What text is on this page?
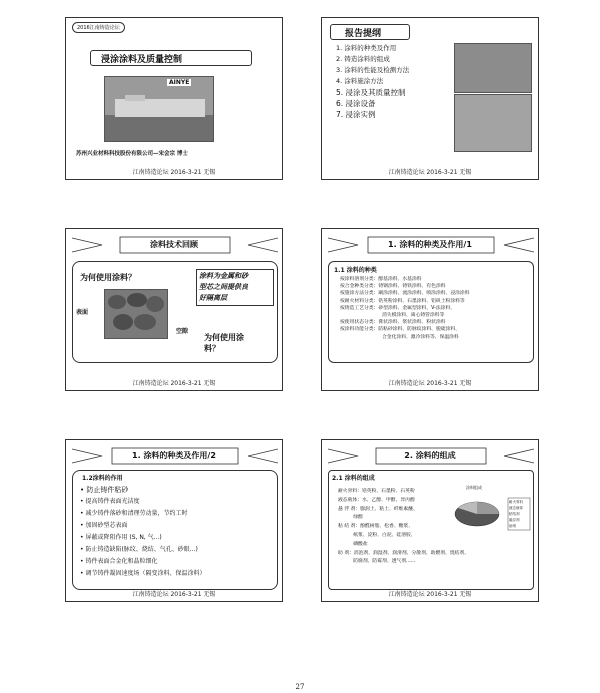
2016江南铸造论坛
浸涂涂料及质量控制
AINYE
苏州兴业材料科技股份有限公司—宋会宗 博士
江南铸造论坛 2016-3-21 无锡
报告提纲
1. 涂料的种类及作用
2. 铸造涂料的组成
3. 涂料的性能及检测方法
4. 涂料施涂方法
5. 浸涂及其质量控制
6. 浸涂设备
7. 浸涂实例
江南铸造论坛 2016-3-21 无锡
涂料技术回顾
为何使用涂料？	涂料为金属和砂
型芯之间提供良
好隔离层
表面
空隙
为何使用涂
料？
江南铸造论坛 2016-3-21 无锡
1. 涂料的种类及作用/1
1.1 涂料的种类
按涂料溶剂分类：醇基涂料、水基涂料
按合金种类分类：铸钢涂料、铸铁涂料、有色涂料
按施涂方法分类：刷涂涂料、流涂涂料、喷涂涂料、浸涂涂料
按耐火材料分类：锆英粉涂料、石墨涂料、铝矾土粉涂料等
按铸造工艺分类：砂型涂料、金属型涂料、V-法涂料、
消失模涂料、离心铸管涂料等
按使用状态分类：膏状涂料、浆状涂料、粉状涂料
按涂料功能分类：防粘砂涂料、防脉纹涂料、脱硫涂料、
合金化涂料、激冷涂料等、保温涂料
江南铸造论坛 2016-3-21 无锡
1. 涂料的种类及作用/2
1.2涂料的作用
• 防止铸件粘砂
• 提高铸件表面光洁度
• 减少铸件落砂和清理劳动量，节约工时
• 加固砂型芯表面
• 屏蔽或降阻作用 (S, N, 气...)
• 防止铸造缺陷(脉纹、烧结、气孔、砂眼...)
• 铸件表面合金化和晶粒细化
• 调节铸件凝固速度场（隔变涂料、保温涂料）
江南铸造论坛 2016-3-21 无锡
2. 涂料的组成
2.1 涂料的组成
耐火骨料：锆英粉、石墨粉、石英粉
液态载体：水、乙醇、甲醇、异丙醇
悬 浮 剂：膨润土、粘土、纤维素醚、
绿醇
粘 结 剂：酚醛树脂、松香、糖浆、
纸浆、淀粉、白泥、硅溶胶、
磷酸盐
助 剂：消泡剂、润湿剂、润滑剂、分散剂、助燃剂、烧结剂、
防腐剂、防霉剂、透气剂......
涂料组成
耐火骨料
液态载体
粘结剂
悬浮剂
助剂
江南铸造论坛 2016-3-21 无锡
27
